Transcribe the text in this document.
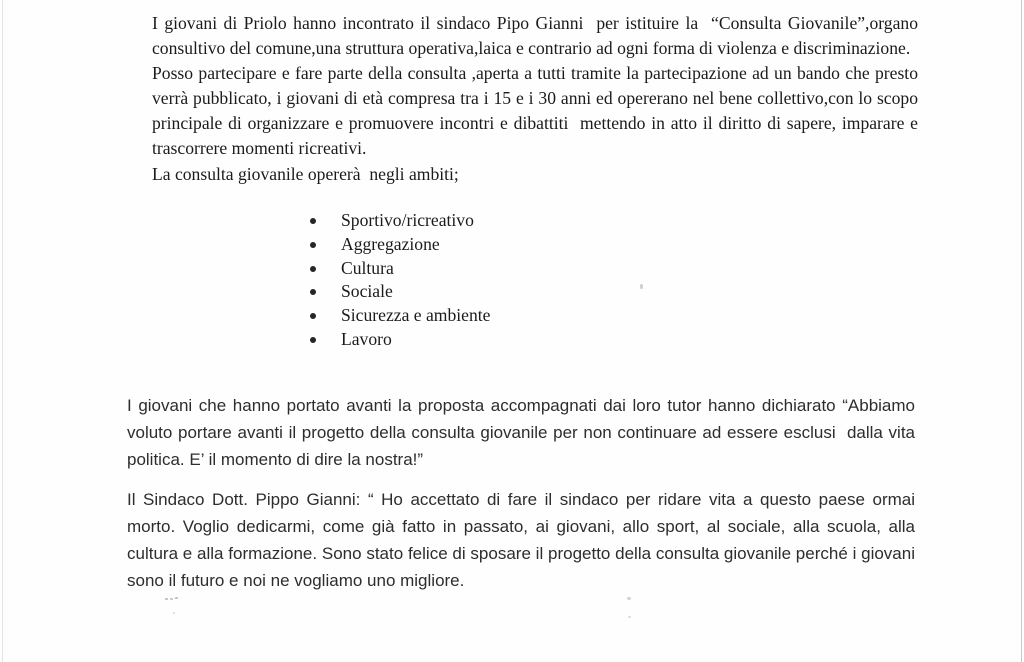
I giovani di Priolo hanno incontrato il sindaco Pipo Gianni  per istituire la  “Consulta Giovanile”,organo consultivo del comune,una struttura operativa,laica e contrario ad ogni forma di violenza e discriminazione.

Posso partecipare e fare parte della consulta ,aperta a tutti tramite la partecipazione ad un bando che presto verrà pubblicato, i giovani di età compresa tra i 15 e i 30 anni ed opererano nel bene collettivo,con lo scopo principale di organizzare e promuovere incontri e dibattiti  mettendo in atto il diritto di sapere, imparare e trascorrere momenti ricreativi.

La consulta giovanile opererà  negli ambiti;

Sportivo/ricreativo
Aggregazione
Cultura
Sociale
Sicurezza e ambiente
Lavoro

I giovani che hanno portato avanti la proposta accompagnati dai loro tutor hanno dichiarato “Abbiamo voluto portare avanti il progetto della consulta giovanile per non continuare ad essere esclusi  dalla vita politica. E’ il momento di dire la nostra!”

Il Sindaco Dott. Pippo Gianni: “ Ho accettato di fare il sindaco per ridare vita a questo paese ormai morto. Voglio dedicarmi, come già fatto in passato, ai giovani, allo sport, al sociale, alla scuola, alla cultura e alla formazione. Sono stato felice di sposare il progetto della consulta giovanile perché i giovani sono il futuro e noi ne vogliamo uno migliore.
